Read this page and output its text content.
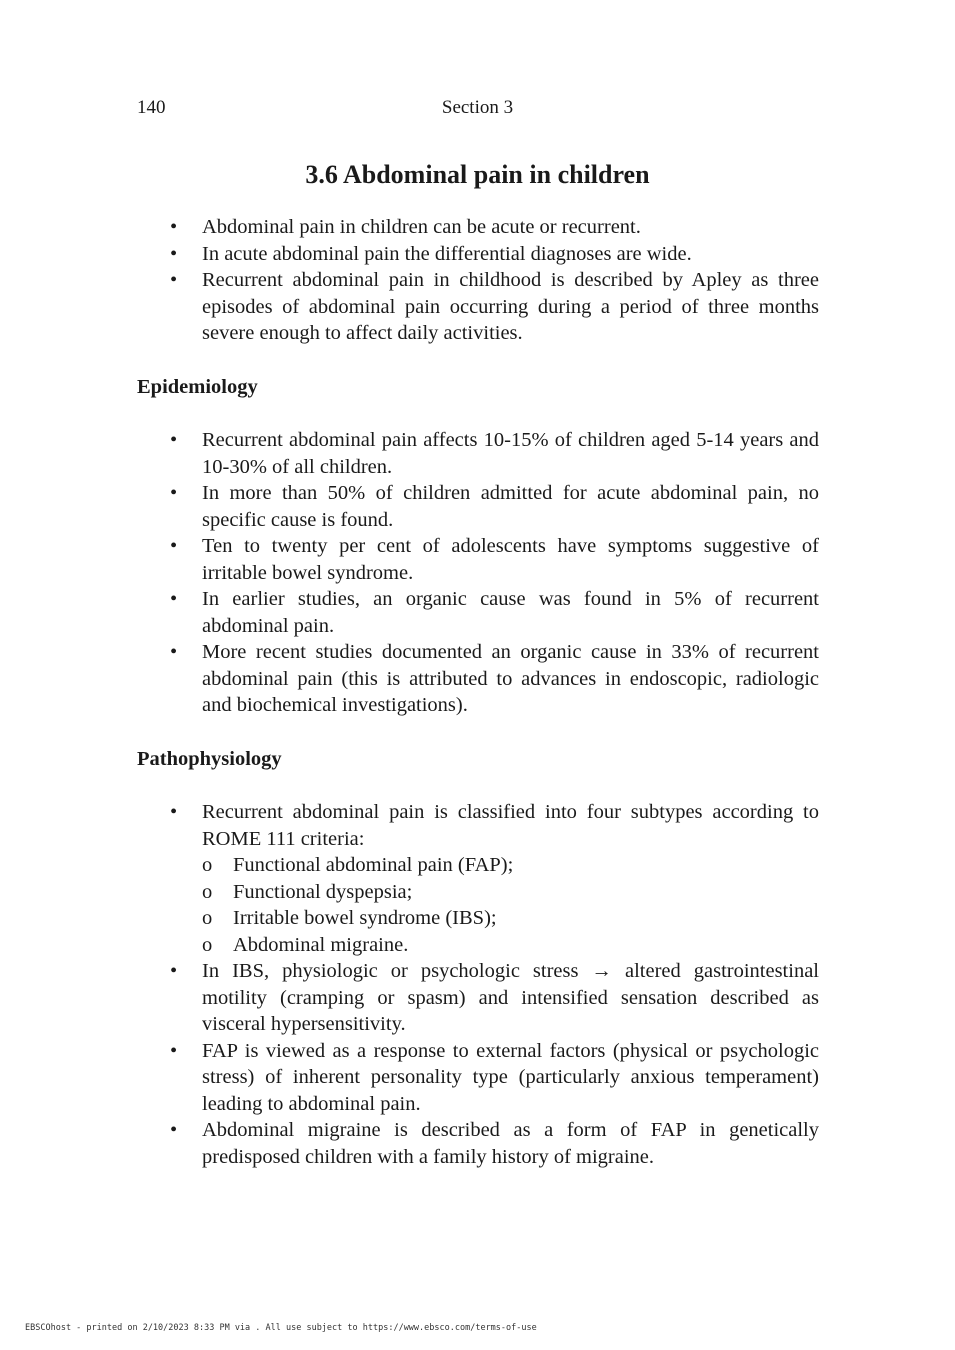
140	Section 3
3.6 Abdominal pain in children
• Abdominal pain in children can be acute or recurrent.
• In acute abdominal pain the differential diagnoses are wide.
• Recurrent abdominal pain in childhood is described by Apley as three episodes of abdominal pain occurring during a period of three months severe enough to affect daily activities.
Epidemiology
• Recurrent abdominal pain affects 10-15% of children aged 5-14 years and 10-30% of all children.
• In more than 50% of children admitted for acute abdominal pain, no specific cause is found.
• Ten to twenty per cent of adolescents have symptoms suggestive of irritable bowel syndrome.
• In earlier studies, an organic cause was found in 5% of recurrent abdominal pain.
• More recent studies documented an organic cause in 33% of recurrent abdominal pain (this is attributed to advances in endoscopic, radiologic and biochemical investigations).
Pathophysiology
• Recurrent abdominal pain is classified into four subtypes according to ROME 111 criteria:
o Functional abdominal pain (FAP);
o Functional dyspepsia;
o Irritable bowel syndrome (IBS);
o Abdominal migraine.
• In IBS, physiologic or psychologic stress → altered gastrointestinal motility (cramping or spasm) and intensified sensation described as visceral hypersensitivity.
• FAP is viewed as a response to external factors (physical or psychologic stress) of inherent personality type (particularly anxious temperament) leading to abdominal pain.
• Abdominal migraine is described as a form of FAP in genetically predisposed children with a family history of migraine.
EBSCOhost - printed on 2/10/2023 8:33 PM via . All use subject to https://www.ebsco.com/terms-of-use
